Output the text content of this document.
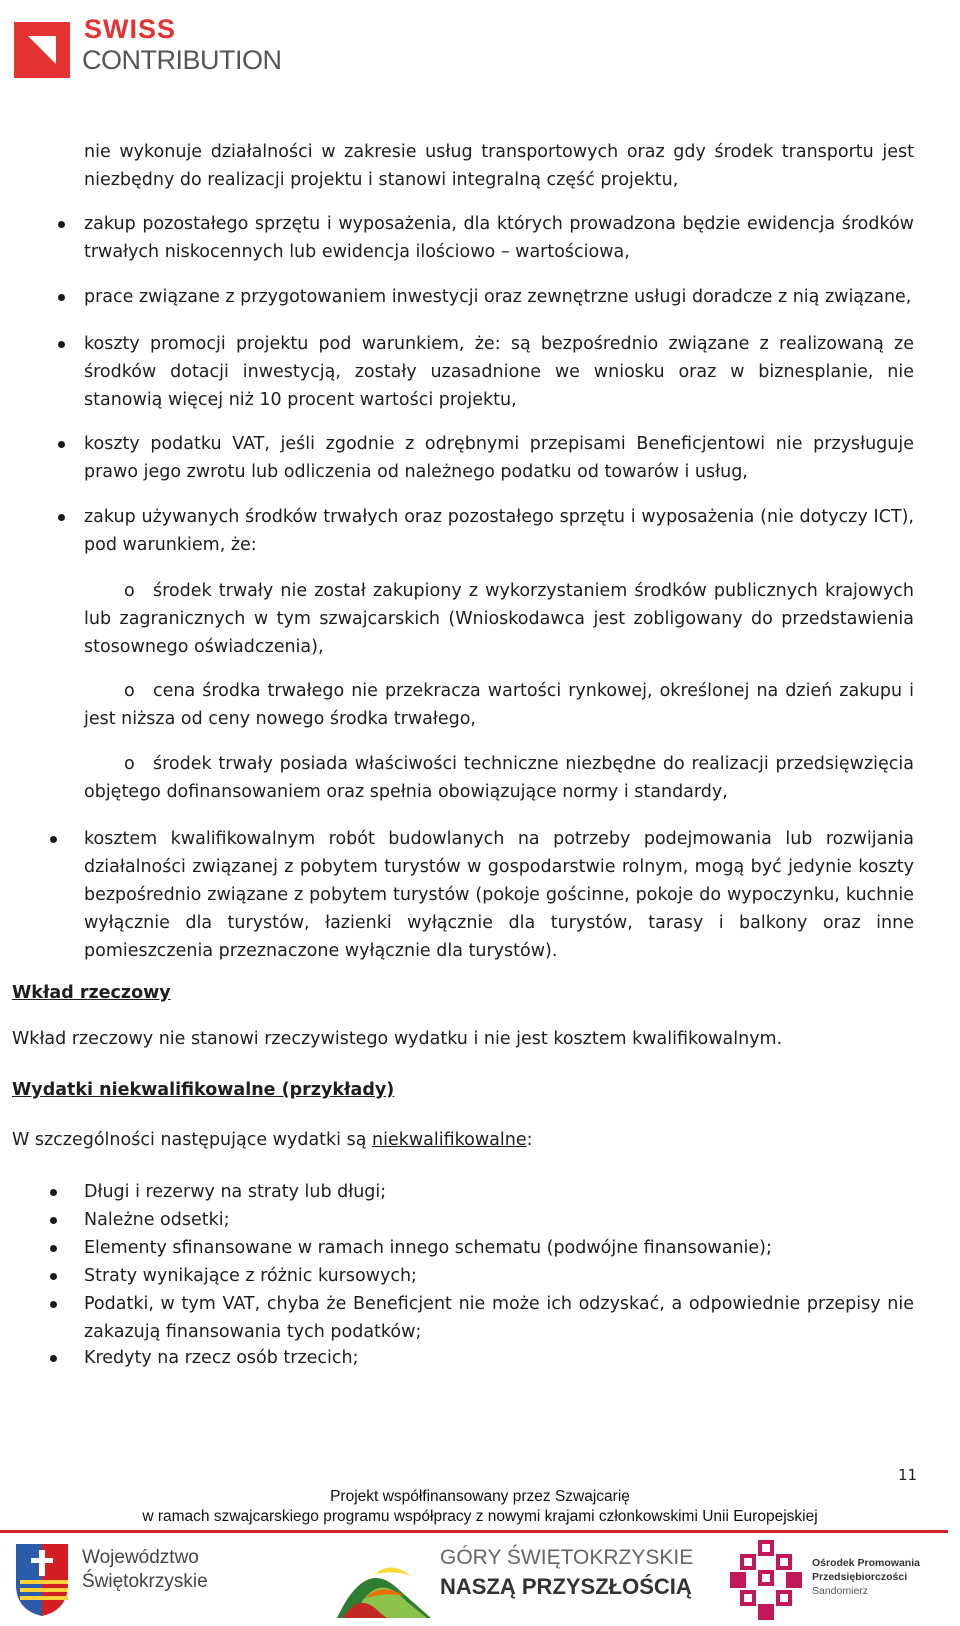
SWISS
CONTRIBUTION

nie wykonuje działalności w zakresie usług transportowych oraz gdy środek transportu jest niezbędny do realizacji projektu i stanowi integralną część projektu,

zakup pozostałego sprzętu i wyposażenia, dla których prowadzona będzie ewidencja środków trwałych niskocennych lub ewidencja ilościowo – wartościowa,

prace związane z przygotowaniem inwestycji oraz zewnętrzne usługi doradcze z nią związane,

koszty promocji projektu pod warunkiem, że: są bezpośrednio związane z realizowaną ze środków dotacji inwestycją, zostały uzasadnione we wniosku oraz w biznesplanie, nie stanowią więcej niż 10 procent wartości projektu,

koszty podatku VAT, jeśli zgodnie z odrębnymi przepisami Beneficjentowi nie przysługuje prawo jego zwrotu lub odliczenia od należnego podatku od towarów i usług,

zakup używanych środków trwałych oraz pozostałego sprzętu i wyposażenia (nie dotyczy ICT), pod warunkiem, że:

o	środek trwały nie został zakupiony z wykorzystaniem środków publicznych krajowych lub zagranicznych w tym szwajcarskich (Wnioskodawca jest zobligowany do przedstawienia stosownego oświadczenia),

o	cena środka trwałego nie przekracza wartości rynkowej, określonej na dzień zakupu i jest niższa od ceny nowego środka trwałego,

o	środek trwały posiada właściwości techniczne niezbędne do realizacji przedsięwzięcia objętego dofinansowaniem oraz spełnia obowiązujące normy i standardy,

kosztem kwalifikowalnym robót budowlanych na potrzeby podejmowania lub rozwijania działalności związanej z pobytem turystów w gospodarstwie rolnym, mogą być jedynie koszty bezpośrednio związane z pobytem turystów (pokoje gościnne, pokoje do wypoczynku, kuchnie wyłącznie dla turystów, łazienki wyłącznie dla turystów, tarasy i balkony oraz inne pomieszczenia przeznaczone wyłącznie dla turystów).

Wkład rzeczowy

Wkład rzeczowy nie stanowi rzeczywistego wydatku i nie jest kosztem kwalifikowalnym.

Wydatki niekwalifikowalne (przykłady)

W szczególności następujące wydatki są niekwalifikowalne:

Długi i rezerwy na straty lub długi;

Należne odsetki;

Elementy sfinansowane w ramach innego schematu (podwójne finansowanie);

Straty wynikające z różnic kursowych;

Podatki, w tym VAT, chyba że Beneficjent nie może ich odzyskać, a odpowiednie przepisy nie zakazują finansowania tych podatków;

Kredyty na rzecz osób trzecich;

11
Projekt współfinansowany przez Szwajcarię
w ramach szwajcarskiego programu współpracy z nowymi krajami członkowskimi Unii Europejskiej
Województwo
Świętokrzyskie
GÓRY ŚWIĘTOKRZYSKIE
NASZĄ PRZYSZŁOŚCIĄ
Ośrodek Promowania
Przedsiębiorczości
Sandomierz
